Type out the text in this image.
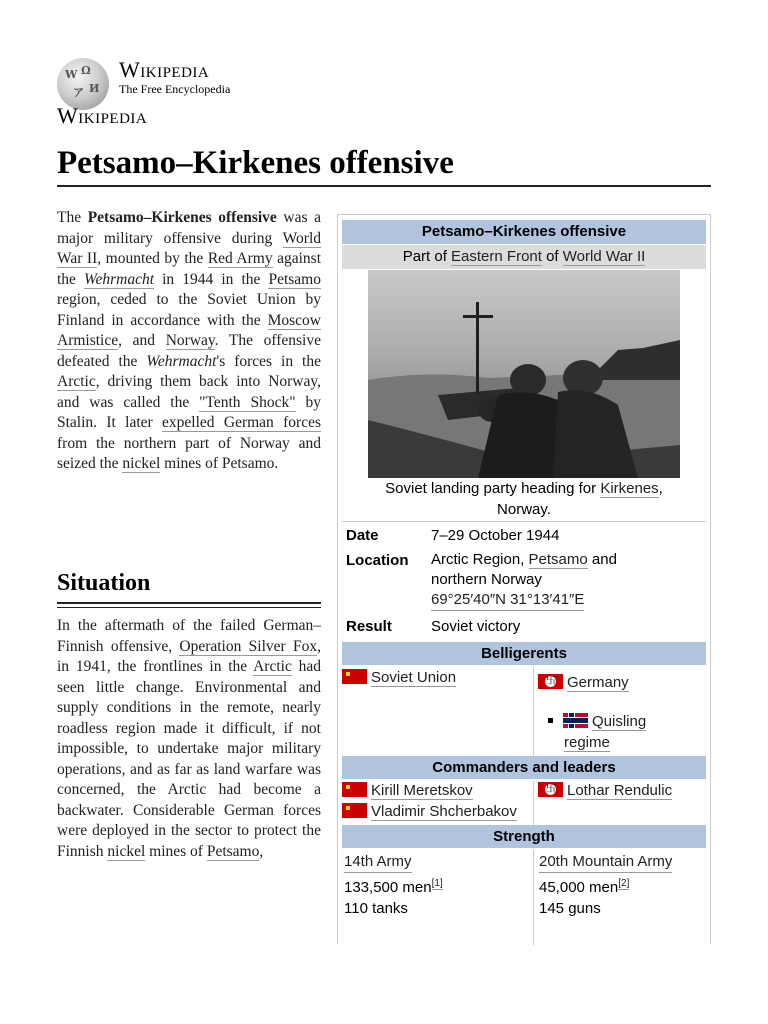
W Ω
ア И
Wikipedia
The Free Encyclopedia
Wikipedia
Petsamo–Kirkenes offensive

The Petsamo–Kirkenes offensive was a major military offensive during World War II, mounted by the Red Army against the Wehrmacht in 1944 in the Petsamo region, ceded to the Soviet Union by Finland in accordance with the Moscow Armistice, and Norway. The offensive defeated the Wehrmacht's forces in the Arctic, driving them back into Norway, and was called the "Tenth Shock" by Stalin. It later expelled German forces from the northern part of Norway and seized the nickel mines of Petsamo.

Situation

In the aftermath of the failed German–Finnish offensive, Operation Silver Fox, in 1941, the frontlines in the Arctic had seen little change. Environmental and supply conditions in the remote, nearly roadless region made it difficult, if not impossible, to undertake major military operations, and as far as land warfare was concerned, the Arctic had become a backwater. Considerable German forces were deployed in the sector to protect the Finnish nickel mines of Petsamo,

Petsamo–Kirkenes offensive
Part of Eastern Front of World War II
Soviet landing party heading for Kirkenes, Norway.
Date	7–29 October 1944
Location Arctic Region, Petsamo and
northern Norway
69°25′40″N 31°13′41″E
Result	Soviet victory
Belligerents
Soviet Union
卐	Germany
Quisling
regime
Commanders and leaders
Kirill Meretskov
Vladimir Shcherbakov
卐Lothar Rendulic
Strength
14th Army
133,500 men[1]
110 tanks
20th Mountain Army
45,000 men[2]
145 guns
